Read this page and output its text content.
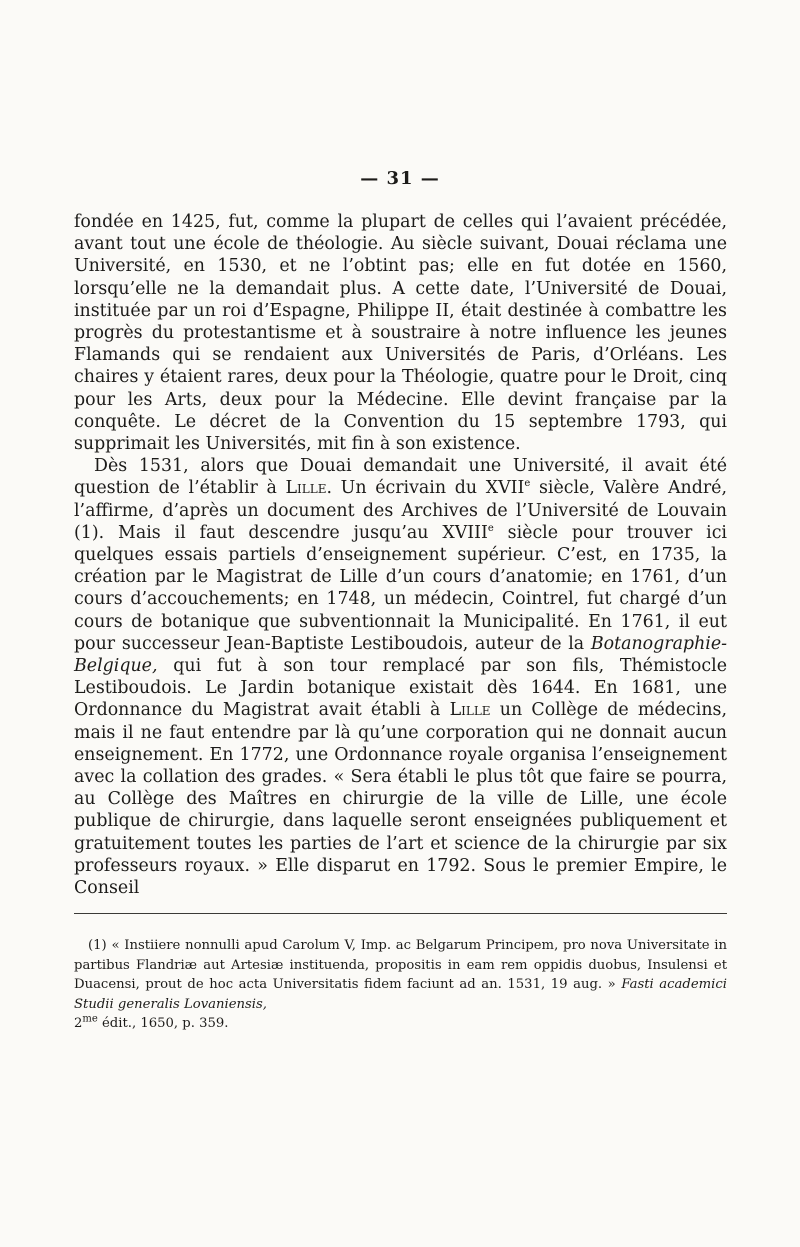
— 31 —

fondée en 1425, fut, comme la plupart de celles qui l’avaient précédée, avant tout une école de théologie. Au siècle suivant, Douai réclama une Université, en 1530, et ne l’obtint pas; elle en fut dotée en 1560, lorsqu’elle ne la demandait plus. A cette date, l’Université de Douai, instituée par un roi d’Espagne, Philippe II, était destinée à combattre les progrès du protestantisme et à soustraire à notre influence les jeunes Flamands qui se rendaient aux Universités de Paris, d’Orléans. Les chaires y étaient rares, deux pour la Théologie, quatre pour le Droit, cinq pour les Arts, deux pour la Médecine. Elle devint française par la conquête. Le décret de la Convention du 15 septembre 1793, qui supprimait les Universités, mit fin à son existence.

Dès 1531, alors que Douai demandait une Université, il avait été question de l’établir à Lille. Un écrivain du XVIIe siècle, Valère André, l’affirme, d’après un document des Archives de l’Université de Louvain (1). Mais il faut descendre jusqu’au XVIIIe siècle pour trouver ici quelques essais partiels d’enseignement supérieur. C’est, en 1735, la création par le Magistrat de Lille d’un cours d’anatomie; en 1761, d’un cours d’accouchements; en 1748, un médecin, Cointrel, fut chargé d’un cours de botanique que subventionnait la Municipalité. En 1761, il eut pour successeur Jean-Baptiste Lestiboudois, auteur de la Botanographie-Belgique, qui fut à son tour remplacé par son fils, Thémistocle Lestiboudois. Le Jardin botanique existait dès 1644. En 1681, une Ordonnance du Magistrat avait établi à Lille un Collège de médecins, mais il ne faut entendre par là qu’une corporation qui ne donnait aucun enseignement. En 1772, une Ordonnance royale organisa l’enseignement avec la collation des grades. « Sera établi le plus tôt que faire se pourra, au Collège des Maîtres en chirurgie de la ville de Lille, une école publique de chirurgie, dans laquelle seront enseignées publiquement et gratuitement toutes les parties de l’art et science de la chirurgie par six professeurs royaux. » Elle disparut en 1792. Sous le premier Empire, le Conseil

(1) « Instiiere nonnulli apud Carolum V, Imp. ac Belgarum Principem, pro nova Universitate in partibus Flandriæ aut Artesiæ instituenda, propositis in eam rem oppidis duobus, Insulensi et Duacensi, prout de hoc acta Universitatis fidem faciunt ad an. 1531, 19 aug. » Fasti academici Studii generalis Lovaniensis,
$2^{me}$ édit., 1650, p. 359.
